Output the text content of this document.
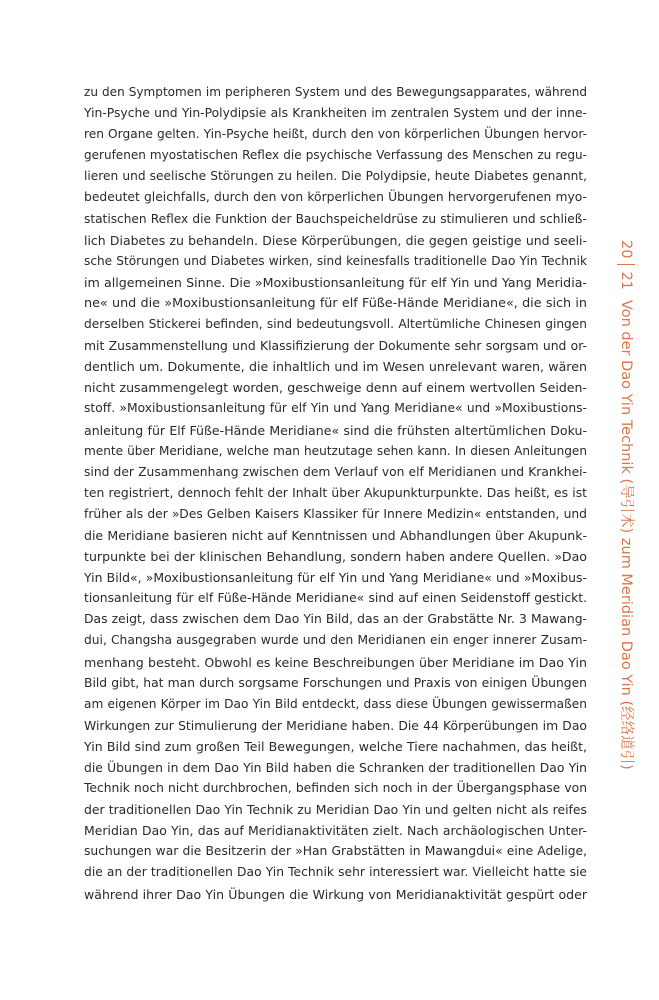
zu den Symptomen im peripheren System und des Bewegungsapparates, während
Yin-Psyche und Yin-Polydipsie als Krankheiten im zentralen System und der inne-
ren Organe gelten. Yin-Psyche heißt, durch den von körperlichen Übungen hervor-
gerufenen myostatischen Reflex die psychische Verfassung des Menschen zu regu-
lieren und seelische Störungen zu heilen. Die Polydipsie, heute Diabetes genannt,
bedeutet gleichfalls, durch den von körperlichen Übungen hervorgerufenen myo-
statischen Reflex die Funktion der Bauchspeicheldrüse zu stimulieren und schließ-
lich Diabetes zu behandeln. Diese Körperübungen, die gegen geistige und seeli-
sche Störungen und Diabetes wirken, sind keinesfalls traditionelle Dao Yin Technik
im allgemeinen Sinne. Die »Moxibustionsanleitung für elf Yin und Yang Meridia-
ne« und die »Moxibustionsanleitung für elf Füße-Hände Meridiane«, die sich in
derselben Stickerei befinden, sind bedeutungsvoll. Altertümliche Chinesen gingen
mit Zusammenstellung und Klassifizierung der Dokumente sehr sorgsam und or-
dentlich um. Dokumente, die inhaltlich und im Wesen unrelevant waren, wären
nicht zusammengelegt worden, geschweige denn auf einem wertvollen Seiden-
stoff. »Moxibustionsanleitung für elf Yin und Yang Meridiane« und »Moxibustions-
anleitung für Elf Füße-Hände Meridiane« sind die frühsten altertümlichen Doku-
mente über Meridiane, welche man heutzutage sehen kann. In diesen Anleitungen
sind der Zusammenhang zwischen dem Verlauf von elf Meridianen und Krankhei-
ten registriert, dennoch fehlt der Inhalt über Akupunkturpunkte. Das heißt, es ist
früher als der »Des Gelben Kaisers Klassiker für Innere Medizin« entstanden, und
die Meridiane basieren nicht auf Kenntnissen und Abhandlungen über Akupunk-
turpunkte bei der klinischen Behandlung, sondern haben andere Quellen. »Dao
Yin Bild«, »Moxibustionsanleitung für elf Yin und Yang Meridiane« und »Moxibus-
tionsanleitung für elf Füße-Hände Meridiane« sind auf einen Seidenstoff gestickt.
Das zeigt, dass zwischen dem Dao Yin Bild, das an der Grabstätte Nr. 3 Mawang-
dui, Changsha ausgegraben wurde und den Meridianen ein enger innerer Zusam-
menhang besteht. Obwohl es keine Beschreibungen über Meridiane im Dao Yin
Bild gibt, hat man durch sorgsame Forschungen und Praxis von einigen Übungen
am eigenen Körper im Dao Yin Bild entdeckt, dass diese Übungen gewissermaßen
Wirkungen zur Stimulierung der Meridiane haben. Die 44 Körperübungen im Dao
Yin Bild sind zum großen Teil Bewegungen, welche Tiere nachahmen, das heißt,
die Übungen in dem Dao Yin Bild haben die Schranken der traditionellen Dao Yin
Technik noch nicht durchbrochen, befinden sich noch in der Übergangsphase von
der traditionellen Dao Yin Technik zu Meridian Dao Yin und gelten nicht als reifes
Meridian Dao Yin, das auf Meridianaktivitäten zielt. Nach archäologischen Unter-
suchungen war die Besitzerin der »Han Grabstätten in Mawangdui« eine Adelige,
die an der traditionellen Dao Yin Technik sehr interessiert war. Vielleicht hatte sie
während ihrer Dao Yin Übungen die Wirkung von Meridianaktivität gespürt oder
2021Von der Dao Yin Technik (导引术) zum Meridian Dao Yin (经络道引)
